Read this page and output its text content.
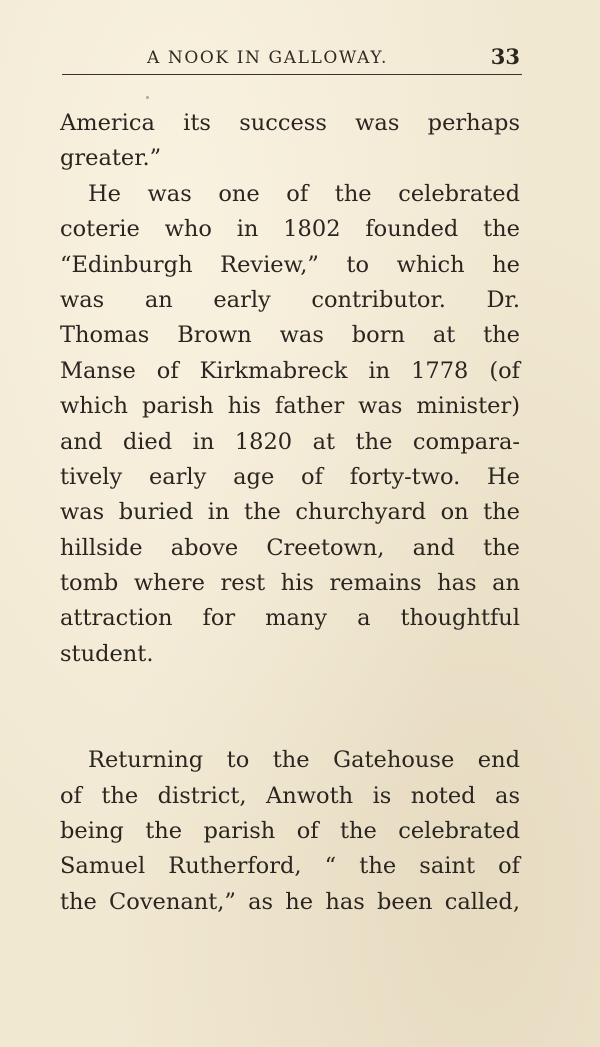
A NOOK IN GALLOWAY.	33
America its success was perhaps
greater.”
He was one of the celebrated
coterie who in 1802 founded the
“Edinburgh Review,” to which he
was an early contributor. Dr.
Thomas Brown was born at the
Manse of Kirkmabreck in 1778 (of
which parish his father was minister)
and died in 1820 at the compara-
tively early age of forty-two. He
was buried in the churchyard on the
hillside above Creetown, and the
tomb where rest his remains has an
attraction for many a thoughtful
student.
Returning to the Gatehouse end
of the district, Anwoth is noted as
being the parish of the celebrated
Samuel Rutherford, “ the saint of
the Covenant,” as he has been called,
